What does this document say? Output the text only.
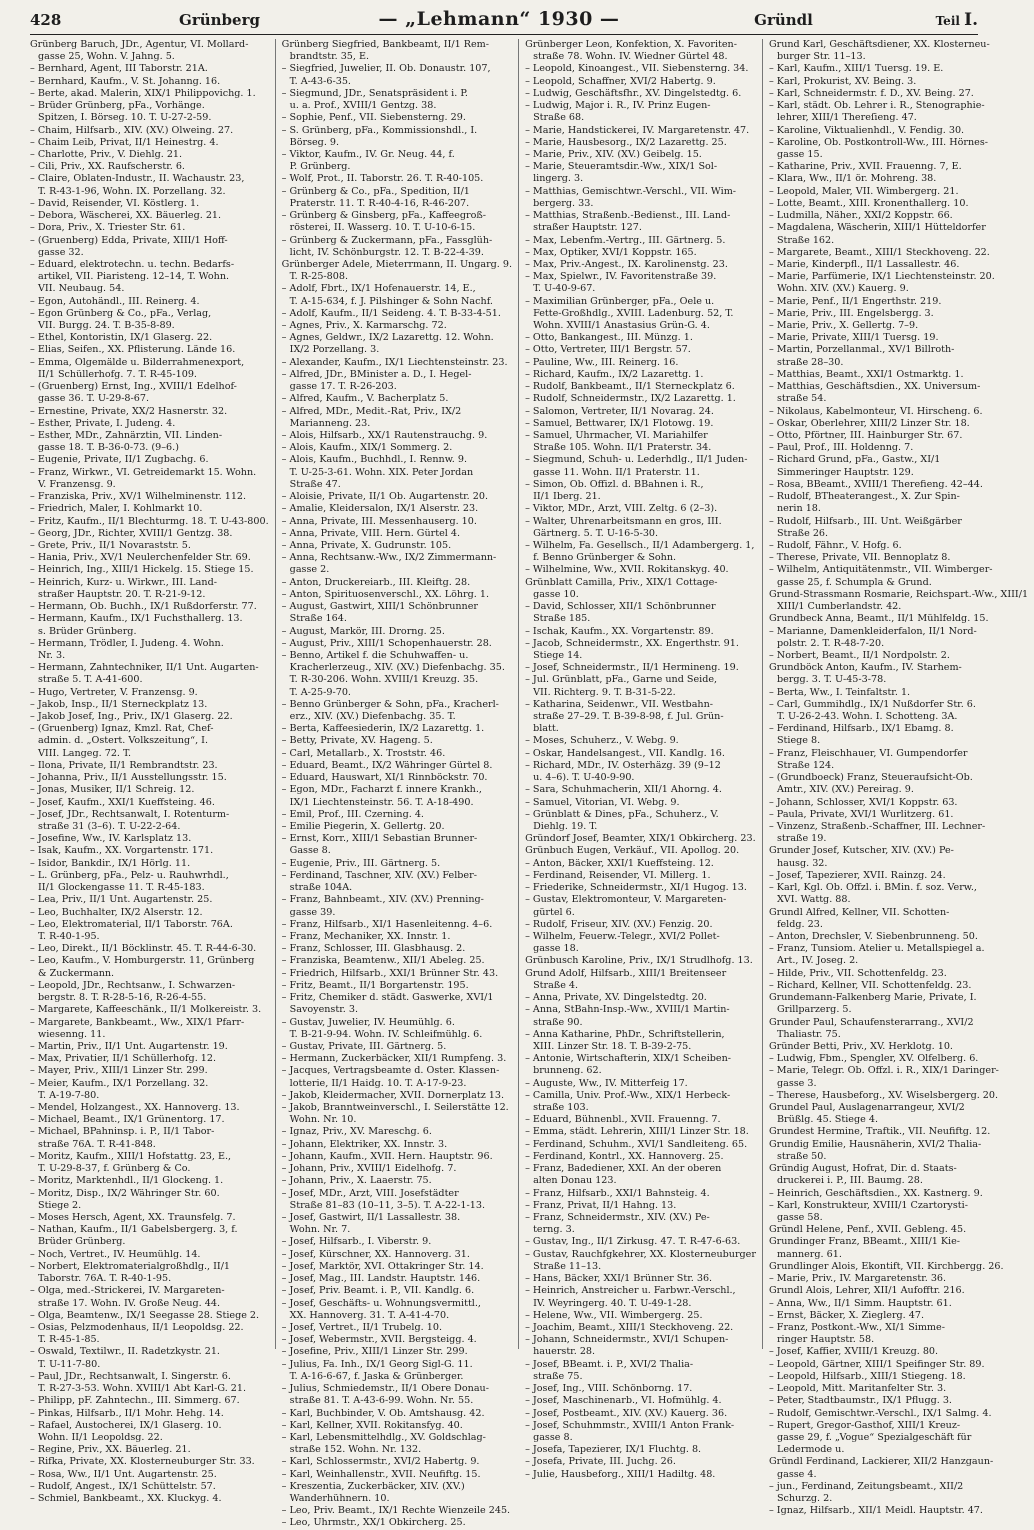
428	Grünberg	— „Lehmann“ 1930 —	Gründl	Teil I.

Grünberg Baruch, JDr., Agentur, VI. Mollard-

gasse 25, Wohn. V. Jahng. 5.

– Bernhard, Agent, III Taborstr. 21A.

– Bernhard, Kaufm., V. St. Johanng. 16.

– Berte, akad. Malerin, XIX/1 Philippovichg. 1.

– Brüder Grünberg, pFa., Vorhänge.

Spitzen, I. Börseg. 10. T. U-27-2-59.

– Chaim, Hilfsarb., XIV. (XV.) Olweing. 27.

– Chaim Leib, Privat, II/1 Heinestrg. 4.

– Charlotte, Priv., V. Diehlg. 21.

– Cili, Priv., XX. Raufscherstr. 6.

– Claire, Oblaten-Industr., II. Wachaustr. 23,

T. R-43-1-96, Wohn. IX. Porzellang. 32.

– David, Reisender, VI. Köstlerg. 1.

– Debora, Wäscherei, XX. Bäuerleg. 21.

– Dora, Priv., X. Triester Str. 61.

– (Gruenberg) Edda, Private, XIII/1 Hoff-

gasse 32.

– Eduard, elektrotechn. u. techn. Bedarfs-

artikel, VII. Piaristeng. 12–14, T. Wohn.

VII. Neubaug. 54.

– Egon, Autohändl., III. Reinerg. 4.

– Egon Grünberg & Co., pFa., Verlag,

VII. Burgg. 24. T. B-35-8-89.

– Ethel, Kontoristin, IX/1 Glaserg. 22.

– Elias, Seifen., XX. Pflisterung. Lände 16.

– Emma, Olgemälde u. Bilderrahmenexport,

II/1 Schüllerhofg. 7. T. R-45-109.

– (Gruenberg) Ernst, Ing., XVIII/1 Edelhof-

gasse 36. T. U-29-8-67.

– Ernestine, Private, XX/2 Hasnerstr. 32.

– Esther, Private, I. Judeng. 4.

– Esther, MDr., Zahnärztin, VII. Linden-

gasse 18. T. B-36-0-73. (9–6.)

– Eugenie, Private, II/1 Zugbachg. 6.

– Franz, Wirkwr., VI. Getreidemarkt 15. Wohn.

V. Franzensg. 9.

– Franziska, Priv., XV/1 Wilhelminenstr. 112.

– Friedrich, Maler, I. Kohlmarkt 10.

– Fritz, Kaufm., II/1 Blechturmg. 18. T. U-43-800.

– Georg, JDr., Richter, XVIII/1 Gentzg. 38.

– Grete, Priv., II/1 Novaraststr. 5.

– Hania, Priv., XV/1 Neulerchenfelder Str. 69.

– Heinrich, Ing., XIII/1 Hickelg. 15. Stiege 15.

– Heinrich, Kurz- u. Wirkwr., III. Land-

straßer Hauptstr. 20. T. R-21-9-12.

– Hermann, Ob. Buchh., IX/1 Rußdorferstr. 77.

– Hermann, Kaufm., IX/1 Fuchsthallerg. 13.

s. Brüder Grünberg.

– Hermann, Trödler, I. Judeng. 4. Wohn.

Nr. 3.

– Hermann, Zahntechniker, II/1 Unt. Augarten-

straße 5. T. A-41-600.

– Hugo, Vertreter, V. Franzensg. 9.

– Jakob, Insp., II/1 Sterneckplatz 13.

– Jakob Josef, Ing., Priv., IX/1 Glaserg. 22.

– (Gruenberg) Ignaz, Kmzl. Rat, Chef-

admin. d. „Ostert. Volkszeitung“, I.

VIII. Langeg. 72. T.

– Ilona, Private, II/1 Rembrandtstr. 23.

– Johanna, Priv., II/1 Ausstellungsstr. 15.

– Jonas, Musiker, II/1 Schreig. 12.

– Josef, Kaufm., XXI/1 Kueffsteing. 46.

– Josef, JDr., Rechtsanwalt, I. Rotenturm-

straße 31 (3–6). T. U-22-2-64.

– Josefine, Ww., IV. Karlsplatz 13.

– Isak, Kaufm., XX. Vorgartenstr. 171.

– Isidor, Bankdir., IX/1 Hörlg. 11.

– L. Grünberg, pFa., Pelz- u. Rauhwrhdl.,

II/1 Glockengasse 11. T. R-45-183.

– Lea, Priv., II/1 Unt. Augartenstr. 25.

– Leo, Buchhalter, IX/2 Alserstr. 12.

– Leo, Elektromaterial, II/1 Taborstr. 76A.

T. R-40-1-95.

– Leo, Direkt., II/1 Böcklinstr. 45. T. R-44-6-30.

– Leo, Kaufm., V. Homburgerstr. 11, Grünberg

& Zuckermann.

– Leopold, JDr., Rechtsanw., I. Schwarzen-

bergstr. 8. T. R-28-5-16, R-26-4-55.

– Margarete, Kaffeeschänk., II/1 Molkereistr. 3.

– Margarete, Bankbeamt., Ww., XIX/1 Pfarr-

wiesenng. 11.

– Martin, Priv., II/1 Unt. Augartenstr. 19.

– Max, Privatier, II/1 Schüllerhofg. 12.

– Mayer, Priv., XIII/1 Linzer Str. 299.

– Meier, Kaufm., IX/1 Porzellang. 32.

T. A-19-7-80.

– Mendel, Holzangest., XX. Hannoverg. 13.

– Michael, Beamt., IX/1 Grünentorg. 17.

– Michael, BPahninsp. i. P., II/1 Tabor-

straße 76A. T. R-41-848.

– Moritz, Kaufm., XIII/1 Hofstattg. 23, E.,

T. U-29-8-37, f. Grünberg & Co.

– Moritz, Marktenhdl., II/1 Glockeng. 1.

– Moritz, Disp., IX/2 Währinger Str. 60.

Stiege 2.

– Moses Hersch, Agent, XX. Traunsfelg. 7.

– Nathan, Kaufm., II/1 Gabelsbergerg. 3, f.

Brüder Grünberg.

– Noch, Vertret., IV. Heumühlg. 14.

– Norbert, Elektromaterialgroßhdlg., II/1

Taborstr. 76A. T. R-40-1-95.

– Olga, med.-Strickerei, IV. Margareten-

straße 17. Wohn. IV. Große Neug. 44.

– Olga, Beamtenw., IX/1 Seegasse 28. Stiege 2.

– Osias, Pelzmodenhaus, II/1 Leopoldsg. 22.

T. R-45-1-85.

– Oswald, Textilwr., II. Radetzkystr. 21.

T. U-11-7-80.

– Paul, JDr., Rechtsanwalt, I. Singerstr. 6.

T. R-27-3-53. Wohn. XVIII/1 Abt Karl-G. 21.

– Philipp, pF. Zahntechn., III. Simmerg. 67.

– Pinkas, Hilfsarb., II/1 Mohr. Hehg. 14.

– Rafael, Austocherei, IX/1 Glaserg. 10.

Wohn. II/1 Leopoldsg. 22.

– Regine, Priv., XX. Bäuerleg. 21.

– Rifka, Private, XX. Klosterneuburger Str. 33.

– Rosa, Ww., II/1 Unt. Augartenstr. 25.

– Rudolf, Angest., IX/1 Schüttelstr. 57.

– Schmiel, Bankbeamt., XX. Kluckyg. 4.

Grünberg Siegfried, Bankbeamt, II/1 Rem-

brandtstr. 35, E.

– Siegfried, Juwelier, II. Ob. Donaustr. 107,

T. A-43-6-35.

– Siegmund, JDr., Senatspräsident i. P.

u. a. Prof., XVIII/1 Gentzg. 38.

– Sophie, Penf., VII. Siebensterng. 29.

– S. Grünberg, pFa., Kommissionshdl., I.

Börseg. 9.

– Viktor, Kaufm., IV. Gr. Neug. 44, f.

P. Grünberg.

– Wolf, Prot., II. Taborstr. 26. T. R-40-105.

– Grünberg & Co., pFa., Spedition, II/1

Praterstr. 11. T. R-40-4-16, R-46-207.

– Grünberg & Ginsberg, pFa., Kaffeegroß-

rösterei, II. Wasserg. 10. T. U-10-6-15.

– Grünberg & Zuckermann, pFa., Fassglüh-

licht, IV. Schönburgstr. 12. T. B-22-4-39.

Grünberger Adele, Mieterrmann, II. Ungarg. 9.

T. R-25-808.

– Adolf, Fbrt., IX/1 Hofenauerstr. 14, E.,

T. A-15-634, f. J. Pilshinger & Sohn Nachf.

– Adolf, Kaufm., II/1 Seideng. 4. T. B-33-4-51.

– Agnes, Priv., X. Karmarschg. 72.

– Agnes, Geldwr., IX/2 Lazarettg. 12. Wohn.

IX/2 Porzellang. 3.

– Alexander, Kaufm., IX/1 Liechtensteinstr. 23.

– Alfred, JDr., BMinister a. D., I. Hegel-

gasse 17. T. R-26-203.

– Alfred, Kaufm., V. Bacherplatz 5.

– Alfred, MDr., Medit.-Rat, Priv., IX/2

Marianneng. 23.

– Alois, Hilfsarb., XX/1 Rautenstrauchg. 9.

– Alois, Kaufm., XIX/1 Sommerg. 2.

– Alois, Kaufm., Buchhdl., I. Rennw. 9.

T. U-25-3-61. Wohn. XIX. Peter Jordan

Straße 47.

– Aloisie, Private, II/1 Ob. Augartenstr. 20.

– Amalie, Kleidersalon, IX/1 Alserstr. 23.

– Anna, Private, III. Messenhauserg. 10.

– Anna, Private, VIII. Hern. Gürtel 4.

– Anna, Private, X. Gudrunstr. 105.

– Anna, Rechtsanw.-Ww., IX/2 Zimmermann-

gasse 2.

– Anton, Druckereiarb., III. Kleiftg. 28.

– Anton, Spirituosenverschl., XX. Löhrg. 1.

– August, Gastwirt, XIII/1 Schönbrunner

Straße 164.

– August, Markör, III. Drorng. 25.

– August, Priv., XIII/1 Schopenhauerstr. 28.

– Benno, Artikel f. die Schuhwaffen- u.

Kracherlerzeug., XIV. (XV.) Diefenbachg. 35.

T. R-30-206. Wohn. XVIII/1 Kreuzg. 35.

T. A-25-9-70.

– Benno Grünberger & Sohn, pFa., Kracherl-

erz., XIV. (XV.) Diefenbachg. 35. T.

– Berta, Kaffeesiederin, IX/2 Lazarettg. 1.

– Betty, Private, XV. Hageng. 5.

– Carl, Metallarb., X. Troststr. 46.

– Eduard, Beamt., IX/2 Währinger Gürtel 8.

– Eduard, Hauswart, XI/1 Rinnböckstr. 70.

– Egon, MDr., Facharzt f. innere Krankh.,

IX/1 Liechtensteinstr. 56. T. A-18-490.

– Emil, Prof., III. Czerning. 4.

– Emilie Piegerin, X. Gellertg. 20.

– Ernst, Korr., XIII/1 Sebastian Brunner-

Gasse 8.

– Eugenie, Priv., III. Gärtnerg. 5.

– Ferdinand, Taschner, XIV. (XV.) Felber-

straße 104A.

– Franz, Bahnbeamt., XIV. (XV.) Prenning-

gasse 39.

– Franz, Hilfsarb., XI/1 Hasenleitenng. 4–6.

– Franz, Mechaniker, XX. Innstr. 1.

– Franz, Schlosser, III. Glasbhausg. 2.

– Franziska, Beamtenw., XII/1 Abeleg. 25.

– Friedrich, Hilfsarb., XXI/1 Brünner Str. 43.

– Fritz, Beamt., II/1 Borgartenstr. 195.

– Fritz, Chemiker d. städt. Gaswerke, XVI/1

Savoyenstr. 3.

– Gustav, Juwelier, IV. Heumühlg. 6.

T. B-21-9-94. Wohn. IV. Schleifmühlg. 6.

– Gustav, Private, III. Gärtnerg. 5.

– Hermann, Zuckerbäcker, XII/1 Rumpfeng. 3.

– Jacques, Vertragsbeamte d. Oster. Klassen-

lotterie, II/1 Haidg. 10. T. A-17-9-23.

– Jakob, Kleidermacher, XVII. Dornerplatz 13.

– Jakob, Branntweinverschl., I. Seilerstätte 12.

Wohn. Nr. 10.

– Ignaz, Priv., XV. Mareschg. 6.

– Johann, Elektriker, XX. Innstr. 3.

– Johann, Kaufm., XVII. Hern. Hauptstr. 96.

– Johann, Priv., XVIII/1 Eidelhofg. 7.

– Johann, Priv., X. Laaerstr. 75.

– Josef, MDr., Arzt, VIII. Josefstädter

Straße 81–83 (10–11, 3–5). T. A-22-1-13.

– Josef, Gastwirt, II/1 Lassallestr. 38.

Wohn. Nr. 7.

– Josef, Hilfsarb., I. Viberstr. 9.

– Josef, Kürschner, XX. Hannoverg. 31.

– Josef, Marktör, XVI. Ottakringer Str. 14.

– Josef, Mag., III. Landstr. Hauptstr. 146.

– Josef, Priv. Beamt. i. P., VII. Kandlg. 6.

– Josef, Geschäfts- u. Wohnungsvermittl.,

XX. Hannoverg. 31. T. A-41-4-70.

– Josef, Vertret., II/1 Trubelg. 10.

– Josef, Webermstr., XVII. Bergsteigg. 4.

– Josefine, Priv., XIII/1 Linzer Str. 299.

– Julius, Fa. Inh., IX/1 Georg Sigl-G. 11.

T. A-16-6-67, f. Jaska & Grünberger.

– Julius, Schmiedemstr., II/1 Obere Donau-

straße 81. T. A-43-6-99. Wohn. Nr. 55.

– Karl, Buchbinder, V. Ob. Amtshausg. 42.

– Karl, Kellner, XVII. Rokitansfyg. 40.

– Karl, Lebensmittelhdlg., XV. Goldschlag-

straße 152. Wohn. Nr. 132.

– Karl, Schlossermstr., XVI/2 Habertg. 9.

– Karl, Weinhallenstr., XVII. Neufiftg. 15.

– Kreszentia, Zuckerbäcker, XIV. (XV.)

Wanderhühnern. 10.

– Leo, Priv. Beamt., IX/1 Rechte Wienzeile 245.

– Leo, Uhrmstr., XX/1 Obkircherg. 25.

Grünberger Leon, Konfektion, X. Favoriten-

straße 78. Wohn. IV. Wiedner Gürtel 48.

– Leopold, Kinoangest., VII. Siebensterng. 34.

– Leopold, Schaffner, XVI/2 Habertg. 9.

– Ludwig, Geschäftsfhr., XV. Dingelstedtg. 6.

– Ludwig, Major i. R., IV. Prinz Eugen-

Straße 68.

– Marie, Handstickerei, IV. Margaretenstr. 47.

– Marie, Hausbesorg., IX/2 Lazarettg. 25.

– Marie, Priv., XIV. (XV.) Geibelg. 15.

– Marie, Steueramtsdir.-Ww., XIX/1 Sol-

lingerg. 3.

– Matthias, Gemischtwr.-Verschl., VII. Wim-

bergerg. 33.

– Matthias, Straßenb.-Bedienst., III. Land-

straßer Hauptstr. 127.

– Max, Lebenfm.-Vertrg., III. Gärtnerg. 5.

– Max, Optiker, XVI/1 Koppstr. 165.

– Max, Priv.-Angest., IX. Karolinenstg. 23.

– Max, Spielwr., IV. Favoritenstraße 39.

T. U-40-9-67.

– Maximilian Grünberger, pFa., Oele u.

Fette-Großhdlg., XVIII. Ladenburg. 52, T.

Wohn. XVIII/1 Anastasius Grün-G. 4.

– Otto, Bankangest., III. Münzg. 1.

– Otto, Vertreter, III/1 Bergstr. 57.

– Pauline, Ww., III. Reinerg. 16.

– Richard, Kaufm., IX/2 Lazarettg. 1.

– Rudolf, Bankbeamt., II/1 Sterneckplatz 6.

– Rudolf, Schneidermstr., IX/2 Lazarettg. 1.

– Salomon, Vertreter, II/1 Novarag. 24.

– Samuel, Bettwarer, IX/1 Flotowg. 19.

– Samuel, Uhrmacher, VI. Mariahilfer

Straße 105. Wohn. II/1 Praterstr. 34.

– Siegmund, Schuh- u. Lederhdlg., II/1 Juden-

gasse 11. Wohn. II/1 Praterstr. 11.

– Simon, Ob. Offizl. d. BBahnen i. R.,

II/1 Iberg. 21.

– Viktor, MDr., Arzt, VIII. Zeltg. 6 (2–3).

– Walter, Uhrenarbeitsmann en gros, III.

Gärtnerg. 5. T. U-16-5-30.

– Wilhelm, Fa. Gesellsch., II/1 Adambergerg. 1,

f. Benno Grünberger & Sohn.

– Wilhelmine, Ww., XVII. Rokitanskyg. 40.

Grünblatt Camilla, Priv., XIX/1 Cottage-

gasse 10.

– David, Schlosser, XII/1 Schönbrunner

Straße 185.

– Ischak, Kaufm., XX. Vorgartenstr. 89.

– Jacob, Schneidermstr., XX. Engerthstr. 91.

Stiege 14.

– Josef, Schneidermstr., II/1 Hermineng. 19.

– Jul. Grünblatt, pFa., Garne und Seide,

VII. Richterg. 9. T. B-31-5-22.

– Katharina, Seidenwr., VII. Westbahn-

straße 27–29. T. B-39-8-98, f. Jul. Grün-

blatt.

– Moses, Schuherz., V. Webg. 9.

– Oskar, Handelsangest., VII. Kandlg. 16.

– Richard, MDr., IV. Osterhäzg. 39 (9–12

u. 4–6). T. U-40-9-90.

– Sara, Schuhmacherin, XII/1 Ahorng. 4.

– Samuel, Vitorian, VI. Webg. 9.

– Grünblatt & Dines, pFa., Schuherz., V.

Diehlg. 19. T.

Gründorf Josef, Beamter, XIX/1 Obkircherg. 23.

Grünbuch Eugen, Verkäuf., VII. Apollog. 20.

– Anton, Bäcker, XXI/1 Kueffsteing. 12.

– Ferdinand, Reisender, VI. Millerg. 1.

– Friederike, Schneidermstr., XI/1 Hugog. 13.

– Gustav, Elektromonteur, V. Margareten-

gürtel 6.

– Rudolf, Friseur, XIV. (XV.) Fenzig. 20.

– Wilhelm, Feuerw.-Telegr., XVI/2 Pollet-

gasse 18.

Grünbusch Karoline, Priv., IX/1 Strudlhofg. 13.

Grund Adolf, Hilfsarb., XIII/1 Breitenseer

Straße 4.

– Anna, Private, XV. Dingelstedtg. 20.

– Anna, StBahn-Insp.-Ww., XVIII/1 Martin-

straße 90.

– Anna Katharine, PhDr., Schriftstellerin,

XIII. Linzer Str. 18. T. B-39-2-75.

– Antonie, Wirtschafterin, XIX/1 Scheiben-

brunneng. 62.

– Auguste, Ww., IV. Mitterfeig 17.

– Camilla, Univ. Prof.-Ww., XIX/1 Herbeck-

straße 103.

– Eduard, Bühnenbl., XVII. Frauenng. 7.

– Emma, städt. Lehrerin, XIII/1 Linzer Str. 18.

– Ferdinand, Schuhm., XVI/1 Sandleiteng. 65.

– Ferdinand, Kontrl., XX. Hannoverg. 25.

– Franz, Badediener, XXI. An der oberen

alten Donau 123.

– Franz, Hilfsarb., XXI/1 Bahnsteig. 4.

– Franz, Privat, II/1 Hahng. 13.

– Franz, Schneidermstr., XIV. (XV.) Pe-

terng. 3.

– Gustav, Ing., II/1 Zirkusg. 47. T. R-47-6-63.

– Gustav, Rauchfgkehrer, XX. Klosterneuburger

Straße 11–13.

– Hans, Bäcker, XXI/1 Brünner Str. 36.

– Heinrich, Anstreicher u. Farbwr.-Verschl.,

IV. Weyringerg. 40. T. U-49-1-28.

– Helene, Ww., VII. Wimbergerg. 25.

– Joachim, Beamt., XIII/1 Steckhoveng. 22.

– Johann, Schneidermstr., XVI/1 Schupen-

hauerstr. 28.

– Josef, BBeamt. i. P., XVI/2 Thalia-

straße 75.

– Josef, Ing., VIII. Schönborng. 17.

– Josef, Maschinenarb., VI. Hofmühlg. 4.

– Josef, Postbeamt., XIV. (XV.) Kauerg. 36.

– Josef, Schuhmmstr., XVIII/1 Anton Frank-

gasse 8.

– Josefa, Tapezierer, IX/1 Fluchtg. 8.

– Josefa, Private, III. Juchg. 26.

– Julie, Hausbeforg., XIII/1 Hadiltg. 48.

Grund Karl, Geschäftsdiener, XX. Klosterneu-

burger Str. 11–13.

– Karl, Kaufm., XIII/1 Tuersg. 19. E.

– Karl, Prokurist, XV. Being. 3.

– Karl, Schneidermstr. f. D., XV. Being. 27.

– Karl, städt. Ob. Lehrer i. R., Stenographie-

lehrer, XIII/1 Thereſieng. 47.

– Karoline, Viktualienhdl., V. Fendig. 30.

– Karoline, Ob. Postkontroll-Ww., III. Hörnes-

gasse 15.

– Katharine, Priv., XVII. Frauenng. 7, E.

– Klara, Ww., II/1 ör. Mohreng. 38.

– Leopold, Maler, VII. Wimbergerg. 21.

– Lotte, Beamt., XIII. Kronenthallerg. 10.

– Ludmilla, Näher., XXI/2 Koppstr. 66.

– Magdalena, Wäscherin, XIII/1 Hütteldorfer

Straße 162.

– Margarete, Beamt., XIII/1 Steckhoveng. 22.

– Marie, Kinderpfl., II/1 Lassallestr. 46.

– Marie, Parfümerie, IX/1 Liechtensteinstr. 20.

Wohn. XIV. (XV.) Kauerg. 9.

– Marie, Penf., II/1 Engerthstr. 219.

– Marie, Priv., III. Engelsbergg. 3.

– Marie, Priv., X. Gellertg. 7–9.

– Marie, Private, XIII/1 Tuersg. 19.

– Martin, Porzellanmal., XV/1 Billroth-

straße 28–30.

– Matthias, Beamt., XXI/1 Ostmarktg. 1.

– Matthias, Geschäftsdien., XX. Universum-

straße 54.

– Nikolaus, Kabelmonteur, VI. Hirscheng. 6.

– Oskar, Oberlehrer, XIII/2 Linzer Str. 18.

– Otto, Pförtner, III. Hainburger Str. 67.

– Paul, Prof., III. Holdenng. 7.

– Richard Grund, pFa., Gastw., XI/1

Simmeringer Hauptstr. 129.

– Rosa, BBeamt., XVIII/1 Therefieng. 42–44.

– Rudolf, BTheaterangest., X. Zur Spin-

nerin 18.

– Rudolf, Hilfsarb., III. Unt. Weißgärber

Straße 26.

– Rudolf, Fähnr., V. Hofg. 6.

– Therese, Private, VII. Bennoplatz 8.

– Wilhelm, Antiquitätenmstr., VII. Wimberger-

gasse 25, f. Schumpla & Grund.

Grund-Strassmann Rosmarie, Reichspart.-Ww., XIII/1

XIII/1 Cumberlandstr. 42.

Grundbeck Anna, Beamt., II/1 Mühlfeldg. 15.

– Marianne, Damenkleiderfalon, II/1 Nord-

polstr. 2. T. R-48-7-20.

– Norbert, Beamt., II/1 Nordpolstr. 2.

Grundböck Anton, Kaufm., IV. Starhem-

bergg. 3. T. U-45-3-78.

– Berta, Ww., I. Teinfaltstr. 1.

– Carl, Gummihdlg., IX/1 Nußdorfer Str. 6.

T. U-26-2-43. Wohn. I. Schotteng. 3A.

– Ferdinand, Hilfsarb., IX/1 Ebamg. 8.

Stiege 8.

– Franz, Fleischhauer, VI. Gumpendorfer

Straße 124.

– (Grundboeck) Franz, Steueraufsicht-Ob.

Amtr., XIV. (XV.) Pereirag. 9.

– Johann, Schlosser, XVI/1 Koppstr. 63.

– Paula, Private, XVI/1 Wurlitzerg. 61.

– Vinzenz, Straßenb.-Schaffner, III. Lechner-

straße 19.

Grunder Josef, Kutscher, XIV. (XV.) Pe-

hausg. 32.

– Josef, Tapezierer, XVII. Rainzg. 24.

– Karl, Kgl. Ob. Offzl. i. BMin. f. soz. Verw.,

XVI. Wattg. 88.

Grundl Alfred, Kellner, VII. Schotten-

feldg. 23.

– Anton, Drechsler, V. Siebenbrunneng. 50.

– Franz, Tunsiom. Atelier u. Metallspiegel a.

Art., IV. Joseg. 2.

– Hilde, Priv., VII. Schottenfeldg. 23.

– Richard, Kellner, VII. Schottenfeldg. 23.

Grundemann-Falkenberg Marie, Private, I.

Grillparzerg. 5.

Grunder Paul, Schaufensterarrang., XVI/2

Thaliastr. 75.

Gründer Betti, Priv., XV. Herklotg. 10.

– Ludwig, Fbm., Spengler, XV. Olfelberg. 6.

– Marie, Telegr. Ob. Offzl. i. R., XIX/1 Daringer-

gasse 3.

– Therese, Hausbeforg., XV. Wiselsbergerg. 20.

Grundel Paul, Auslagenarrangeur, XVI/2

Brüßlg. 45. Stiege 4.

Grundest Hermine, Traftik., VII. Neufiftg. 12.

Grundig Emilie, Hausnäherin, XVI/2 Thalia-

straße 50.

Gründig August, Hofrat, Dir. d. Staats-

druckerei i. P., III. Baumg. 28.

– Heinrich, Geschäftsdien., XX. Kastnerg. 9.

– Karl, Konstrukteur, XVIII/1 Czartorysti-

gasse 58.

Gründl Helene, Penf., XVII. Gebleng. 45.

Grundinger Franz, BBeamt., XIII/1 Kie-

mannerg. 61.

Grundlinger Alois, Ekontift, VII. Kirchbergg. 26.

– Marie, Priv., IV. Margaretenstr. 36.

Grundl Alois, Lehrer, XII/1 Aufofftr. 216.

– Anna, Ww., II/1 Simm. Hauptstr. 61.

– Ernst, Bäcker, X. Zieglerg. 47.

– Franz, Postkont.-Ww., XI/1 Simme-

ringer Hauptstr. 58.

– Josef, Kaffier, XVIII/1 Kreuzg. 80.

– Leopold, Gärtner, XIII/1 Speifinger Str. 89.

– Leopold, Hilfsarb., XIII/1 Stiegeng. 18.

– Leopold, Mitt. Maritanfelter Str. 3.

– Peter, Stadtbaumstr., IX/1 Pflugg. 3.

– Rudolf, Gemischtwr.-Verschl., IX/1 Salmg. 4.

– Rupert, Gregor-Gasthof, XIII/1 Kreuz-

gasse 29, f. „Vogue“ Spezialgeschäft für

Ledermode u.

Gründl Ferdinand, Lackierer, XII/2 Hanzgaun-

gasse 4.

– jun., Ferdinand, Zeitungsbeamt., XII/2

Schurzg. 2.

– Ignaz, Hilfsarb., XII/1 Meidl. Hauptstr. 47.
